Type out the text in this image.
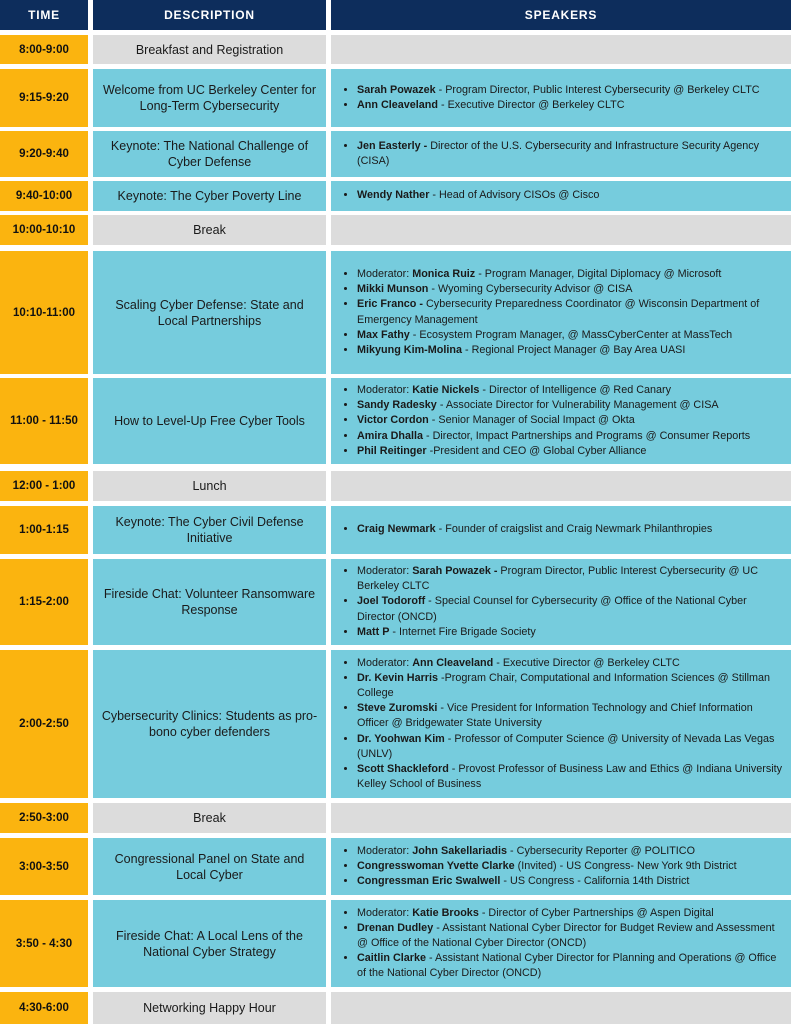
TIME	DESCRIPTION	SPEAKERS
8:00-9:00	Breakfast and Registration
9:15-9:20
Welcome from UC Berkeley Center for Long-Term Cybersecurity
• Sarah Powazek - Program Director, Public Interest Cybersecurity @ Berkeley CLTC
• Ann Cleaveland - Executive Director @ Berkeley CLTC
9:20-9:40
Keynote: The National Challenge of Cyber Defense
• Jen Easterly - Director of the U.S. Cybersecurity and Infrastructure Security Agency (CISA)
9:40-10:00	Keynote: The Cyber Poverty Line
•	Wendy Nather - Head of Advisory CISOs @ Cisco
10:00-10:10	Break
10:10-11:00
Scaling Cyber Defense: State and Local Partnerships
• Moderator: Monica Ruiz - Program Manager, Digital Diplomacy @ Microsoft
• Mikki Munson - Wyoming Cybersecurity Advisor @ CISA
• Eric Franco - Cybersecurity Preparedness Coordinator @ Wisconsin Department of Emergency Management
• Max Fathy - Ecosystem Program Manager, @ MassCyberCenter at MassTech
• Mikyung Kim-Molina - Regional Project Manager @ Bay Area UASI
11:00 - 11:50	How to Level-Up Free Cyber Tools
• Moderator: Katie Nickels - Director of Intelligence @ Red Canary
• Sandy Radesky - Associate Director for Vulnerability Management @ CISA
• Victor Cordon - Senior Manager of Social Impact @ Okta
• Amira Dhalla - Director, Impact Partnerships and Programs @ Consumer Reports
• Phil Reitinger -President and CEO @ Global Cyber Alliance
12:00 - 1:00	Lunch
1:00-1:15
Keynote: The Cyber Civil Defense Initiative
• Craig Newmark - Founder of craigslist and Craig Newmark Philanthropies
1:15-2:00
Fireside Chat: Volunteer Ransomware Response
• Moderator: Sarah Powazek - Program Director, Public Interest Cybersecurity @ UC Berkeley CLTC
• Joel Todoroff - Special Counsel for Cybersecurity @ Office of the National Cyber Director (ONCD)
• Matt P - Internet Fire Brigade Society
2:00-2:50
Cybersecurity Clinics: Students as pro-bono cyber defenders
• Moderator: Ann Cleaveland - Executive Director @ Berkeley CLTC
• Dr. Kevin Harris -Program Chair, Computational and Information Sciences @ Stillman College
• Steve Zuromski - Vice President for Information Technology and Chief Information Officer @ Bridgewater State University
• Dr. Yoohwan Kim - Professor of Computer Science @ University of Nevada Las Vegas (UNLV)
• Scott Shackleford - Provost Professor of Business Law and Ethics @ Indiana University Kelley School of Business
2:50-3:00	Break
3:00-3:50
Congressional Panel on State and Local Cyber
• Moderator: John Sakellariadis - Cybersecurity Reporter @ POLITICO
• Congresswoman Yvette Clarke (Invited) - US Congress- New York 9th District
• Congressman Eric Swalwell - US Congress - California 14th District
3:50 - 4:30
Fireside Chat: A Local Lens of the National Cyber Strategy
• Moderator: Katie Brooks - Director of Cyber Partnerships @ Aspen Digital
• Drenan Dudley - Assistant National Cyber Director for Budget Review and Assessment @ Office of the National Cyber Director (ONCD)
• Caitlin Clarke - Assistant National Cyber Director for Planning and Operations @ Office of the National Cyber Director (ONCD)
4:30-6:00	Networking Happy Hour
